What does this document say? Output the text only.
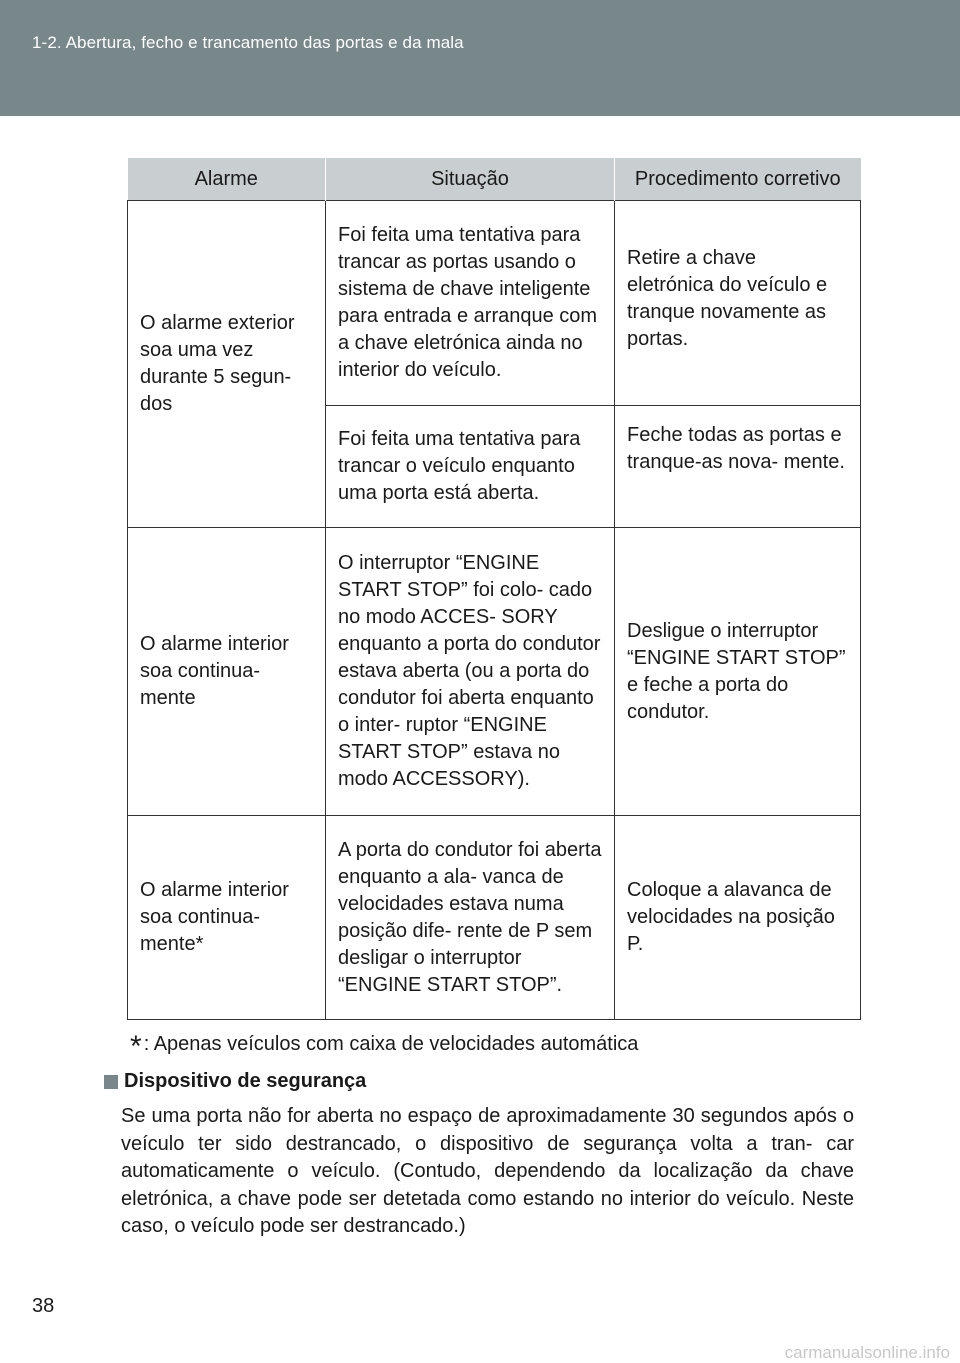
1-2. Abertura, fecho e trancamento das portas e da mala
Alarme	Situação	Procedimento corretivo
O alarme exterior soa uma vez durante 5 segun- dos	Foi feita uma tentativa para trancar as portas usando o sistema de chave inteligente para entrada e arranque com a chave eletrónica ainda no interior do veículo.	Retire a chave eletrónica do veículo e tranque novamente as portas.
	Foi feita uma tentativa para trancar o veículo enquanto uma porta está aberta.	Feche todas as portas e tranque-as nova- mente.
O alarme interior soa continua- mente	O interruptor “ENGINE START STOP” foi colo- cado no modo ACCES- SORY enquanto a porta do condutor estava aberta (ou a porta do condutor foi aberta enquanto o inter- ruptor “ENGINE START STOP” estava no modo ACCESSORY).	Desligue o interruptor “ENGINE START STOP” e feche a porta do condutor.
O alarme interior soa continua- mente*	A porta do condutor foi aberta enquanto a ala- vanca de velocidades estava numa posição dife- rente de P sem desligar o interruptor “ENGINE START STOP”.	Coloque a alavanca de velocidades na posição P.
* : Apenas veículos com caixa de velocidades automática
Dispositivo de segurança
Se uma porta não for aberta no espaço de aproximadamente 30 segundos após o veículo ter sido destrancado, o dispositivo de segurança volta a tran- car automaticamente o veículo. (Contudo, dependendo da localização da chave eletrónica, a chave pode ser detetada como estando no interior do veículo. Neste caso, o veículo pode ser destrancado.)
38
carmanualsonline.info
